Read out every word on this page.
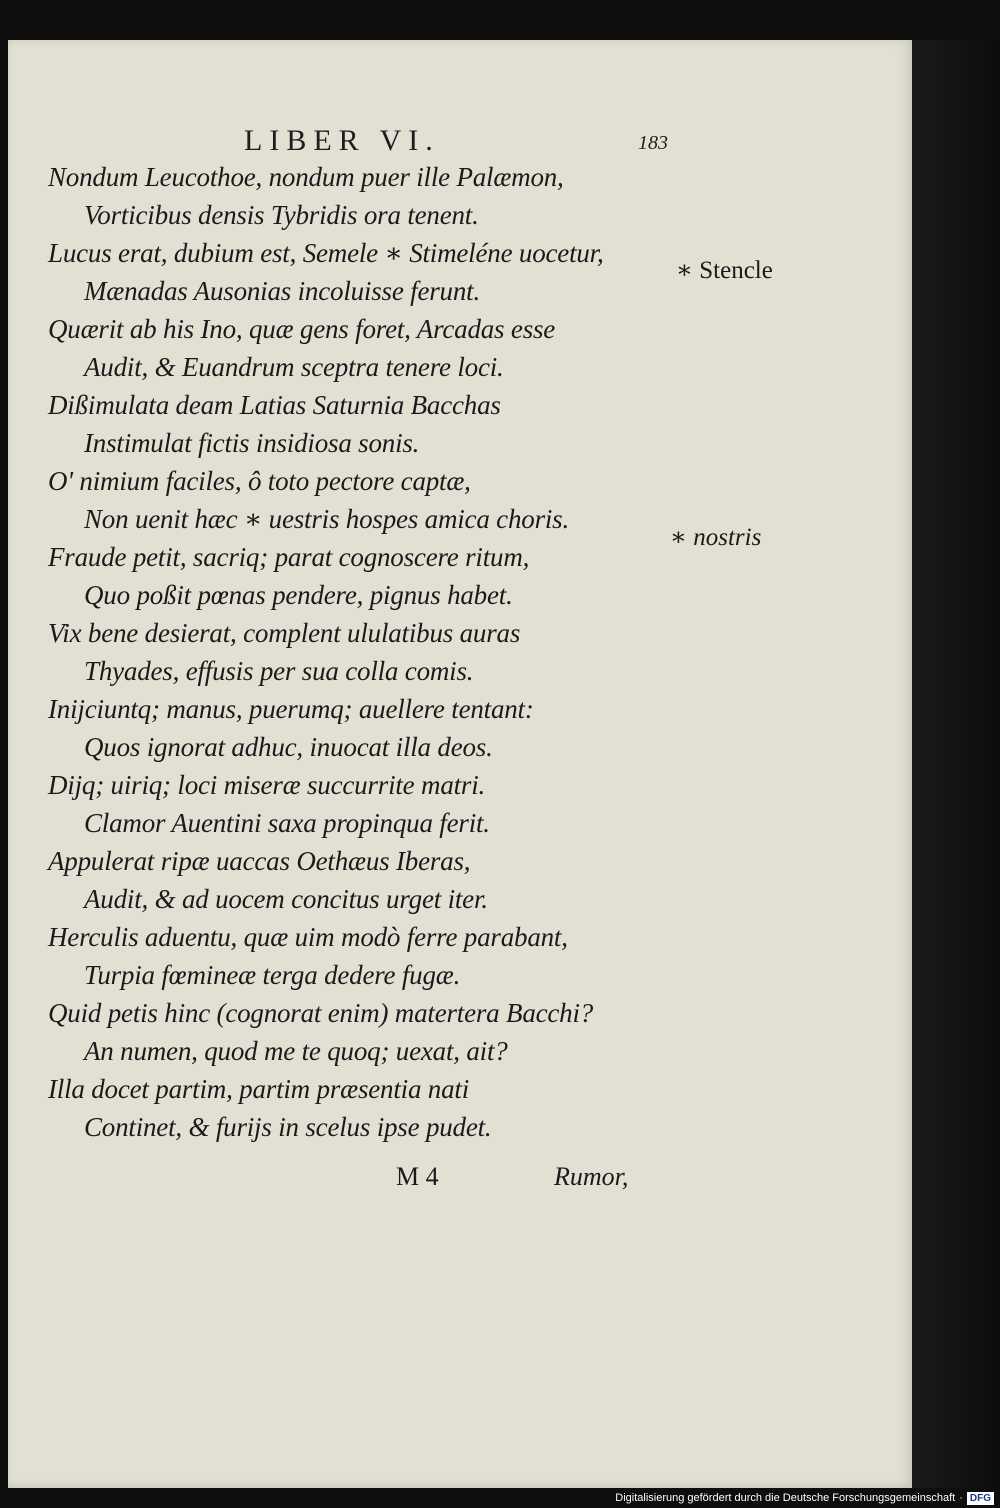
LIBER VI.	183
Nondum Leucothoe, nondum puer ille Palæmon,
Vorticibus densis Tybridis ora tenent.
Lucus erat, dubium est, Semele ∗ Stimeléne uocetur,
Mænadas Ausonias incoluisse ferunt.
Quærit ab his Ino, quæ gens foret, Arcadas esse
Audit, & Euandrum sceptra tenere loci.
Dißimulata deam Latias Saturnia Bacchas
Instimulat fictis insidiosa sonis.
O' nimium faciles, ô toto pectore captæ,
Non uenit hæc ∗ uestris hospes amica choris.
Fraude petit, sacriq; parat cognoscere ritum,
Quo poßit pœnas pendere, pignus habet.
Vix bene desierat, complent ululatibus auras
Thyades, effusis per sua colla comis.
Inijciuntq; manus, puerumq; auellere tentant:
Quos ignorat adhuc, inuocat illa deos.
Dijq; uiriq; loci miseræ succurrite matri.
Clamor Auentini saxa propinqua ferit.
Appulerat ripæ uaccas Oethæus Iberas,
Audit, & ad uocem concitus urget iter.
Herculis aduentu, quæ uim modò ferre parabant,
Turpia fœmineæ terga dedere fugæ.
Quid petis hinc (cognorat enim) matertera Bacchi?
An numen, quod me te quoq; uexat, ait?
Illa docet partim, partim præsentia nati
Continet, & furijs in scelus ipse pudet.
∗ Stencle
∗ nostris
M 4	Rumor,
Digitalisierung gefördert durch die Deutsche Forschungsgemeinschaft · DFG
